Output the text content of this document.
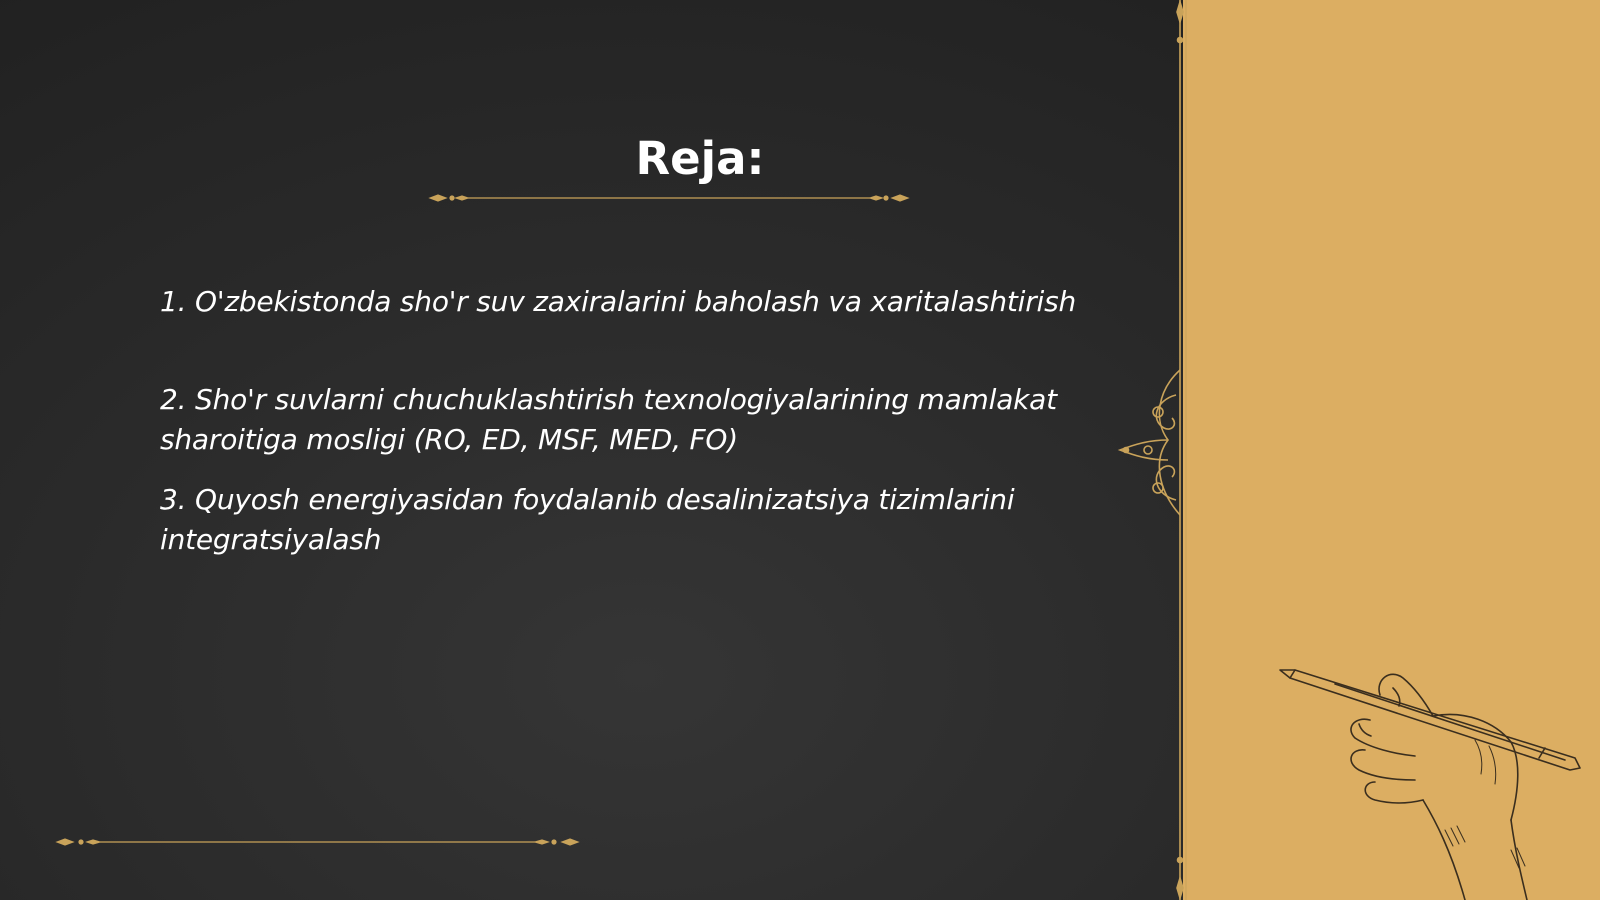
Reja:
1. O'zbekistonda sho'r suv zaxiralarini baholash va xaritalashtirish
2. Sho'r suvlarni chuchuklashtirish texnologiyalarining mamlakat sharoitiga mosligi (RO, ED, MSF, MED, FO)
3. Quyosh energiyasidan foydalanib desalinizatsiya tizimlarini integratsiyalash
